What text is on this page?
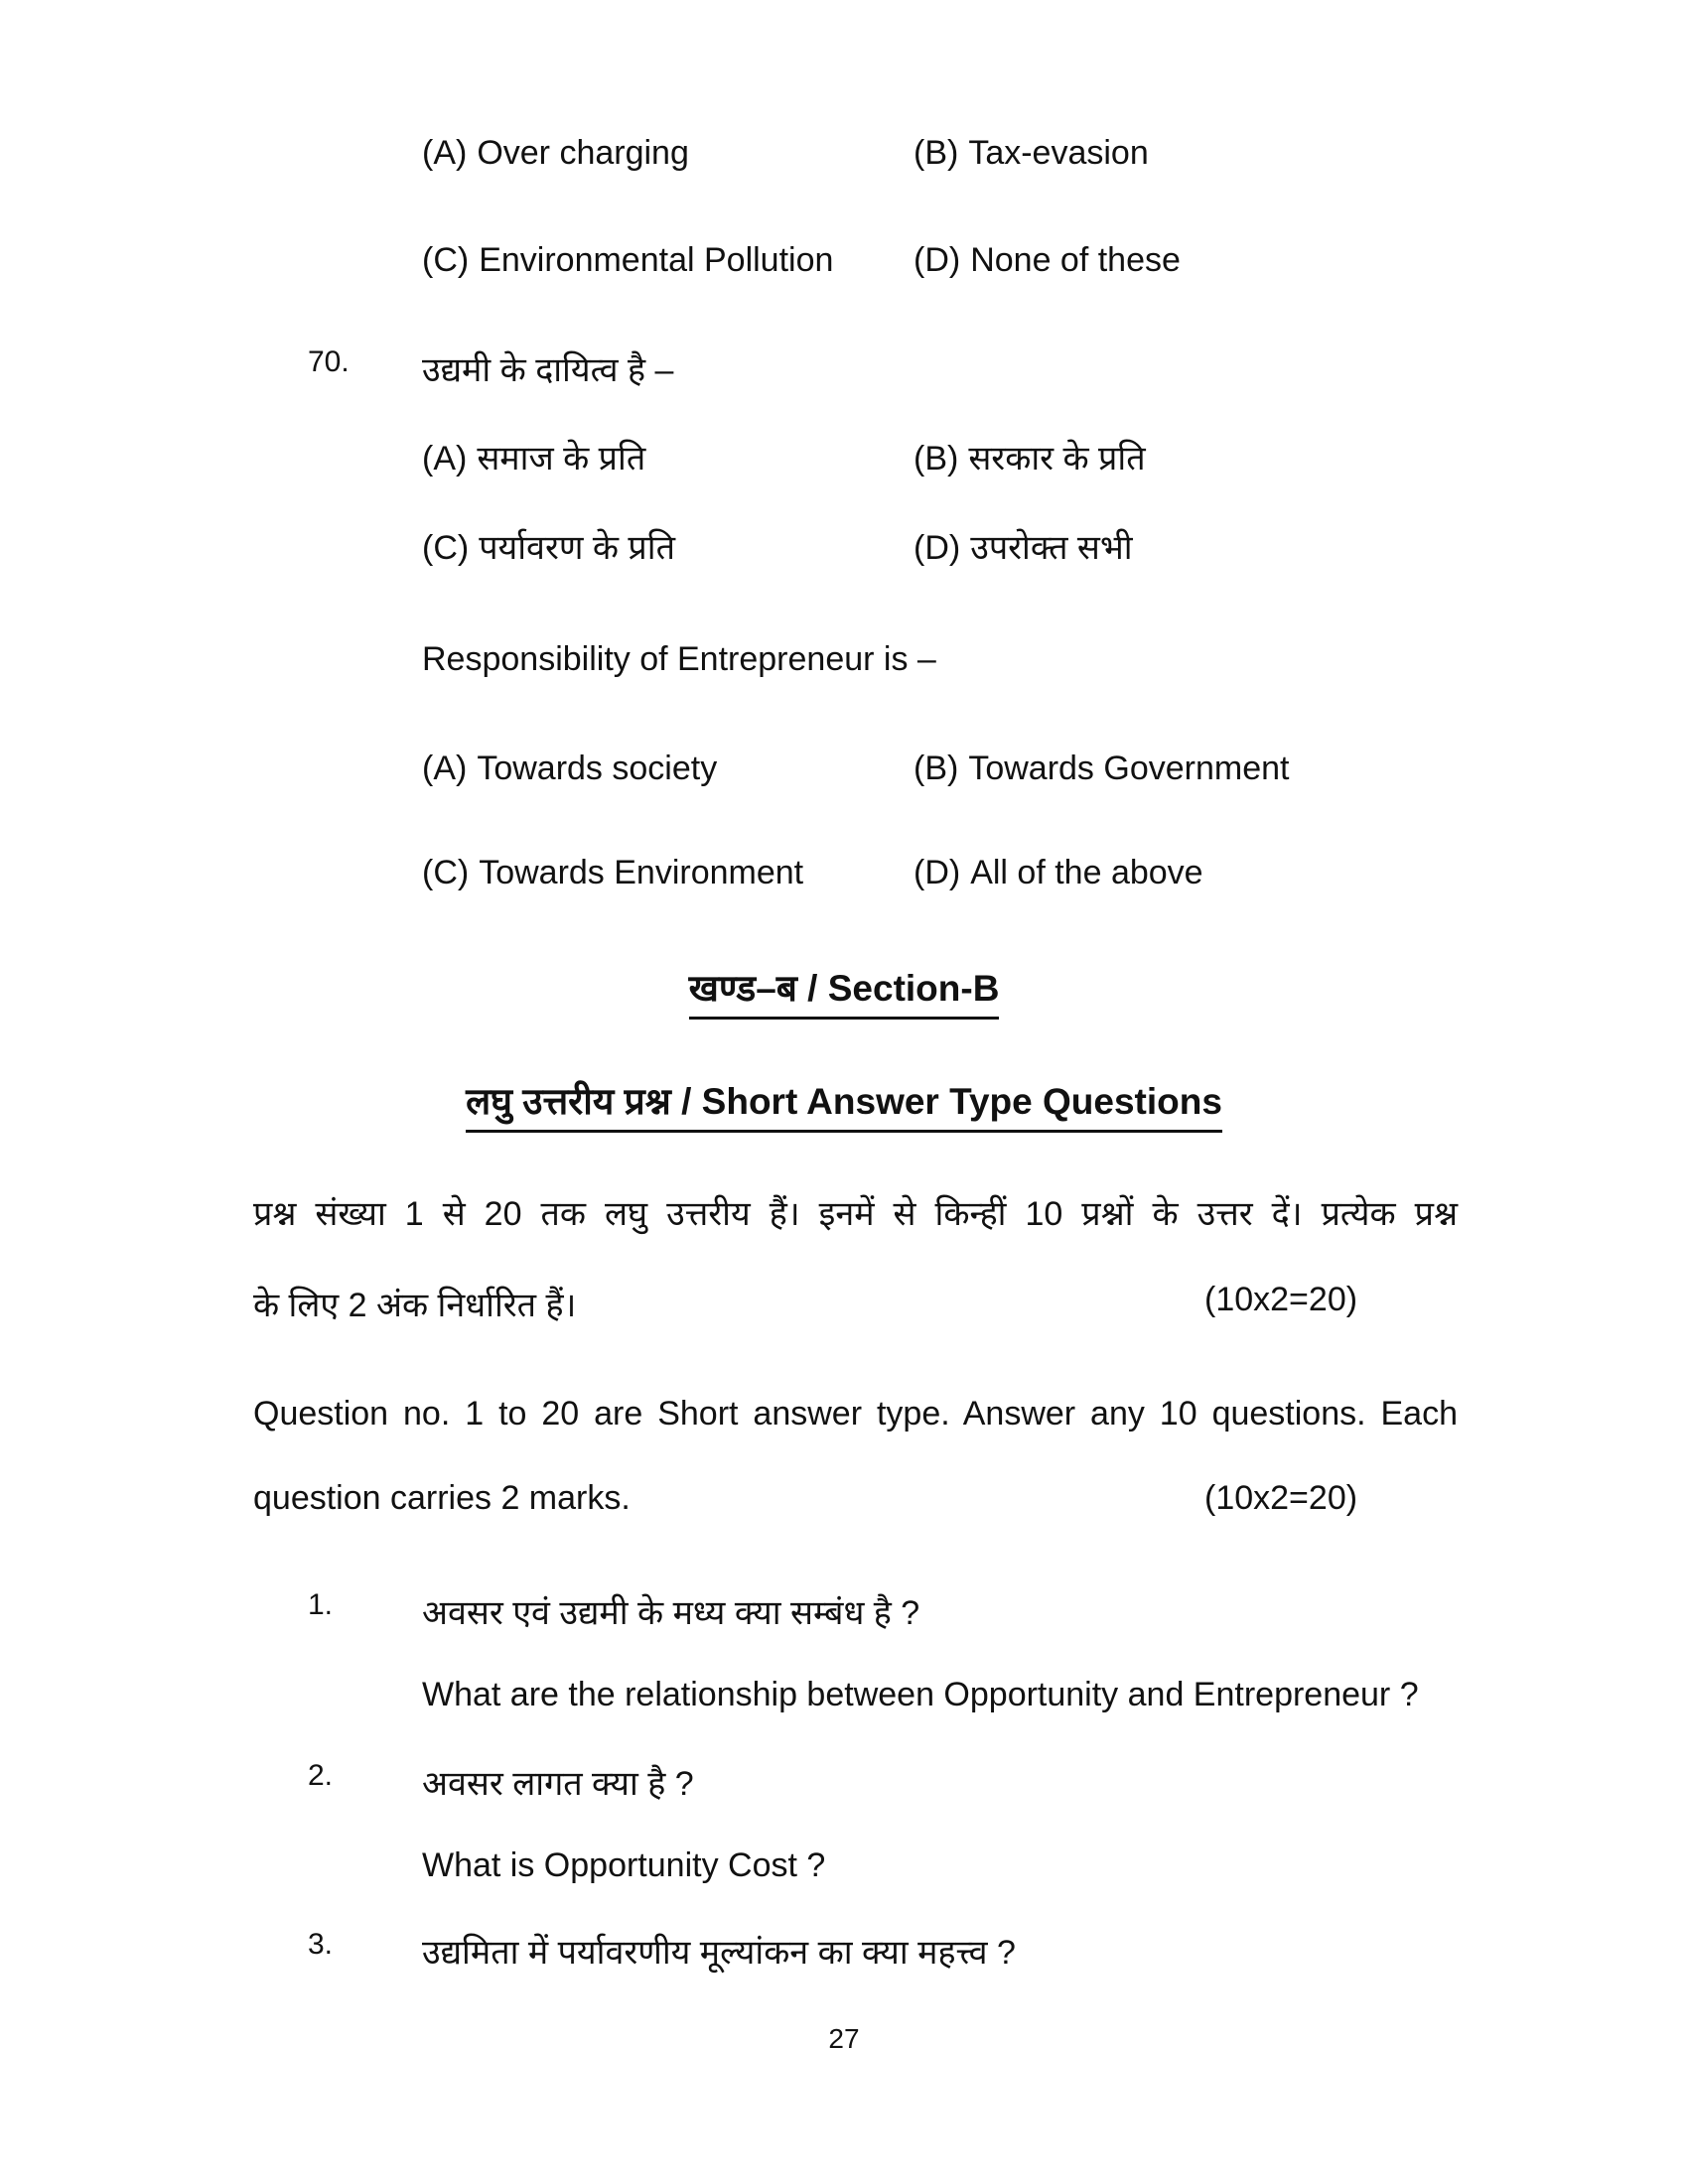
(A) Over charging	(B) Tax-evasion
(C) Environmental Pollution (D) None of these
70. उद्यमी के दायित्व है –
(A) समाज के प्रति	(B) सरकार के प्रति
(C) पर्यावरण के प्रति	(D) उपरोक्त सभी
Responsibility of Entrepreneur is –
(A) Towards society	(B) Towards Government
(C) Towards Environment	(D) All of the above
खण्ड–ब / Section-B
लघु उत्तरीय प्रश्न / Short Answer Type Questions
प्रश्न संख्या 1 से 20 तक लघु उत्तरीय हैं। इनमें से किन्हीं 10 प्रश्नों के उत्तर दें। प्रत्येक प्रश्न
के लिए 2 अंक निर्धारित हैं।	(10x2=20)
Question no. 1 to 20 are Short answer type. Answer any 10 questions. Each
question carries 2 marks.	(10x2=20)
1.	अवसर एवं उद्यमी के मध्य क्या सम्बंध है ?
What are the relationship between Opportunity and Entrepreneur ?
2.	अवसर लागत क्या है ?
What is Opportunity Cost ?
3.	उद्यमिता में पर्यावरणीय मूल्यांकन का क्या महत्त्व ?
27
